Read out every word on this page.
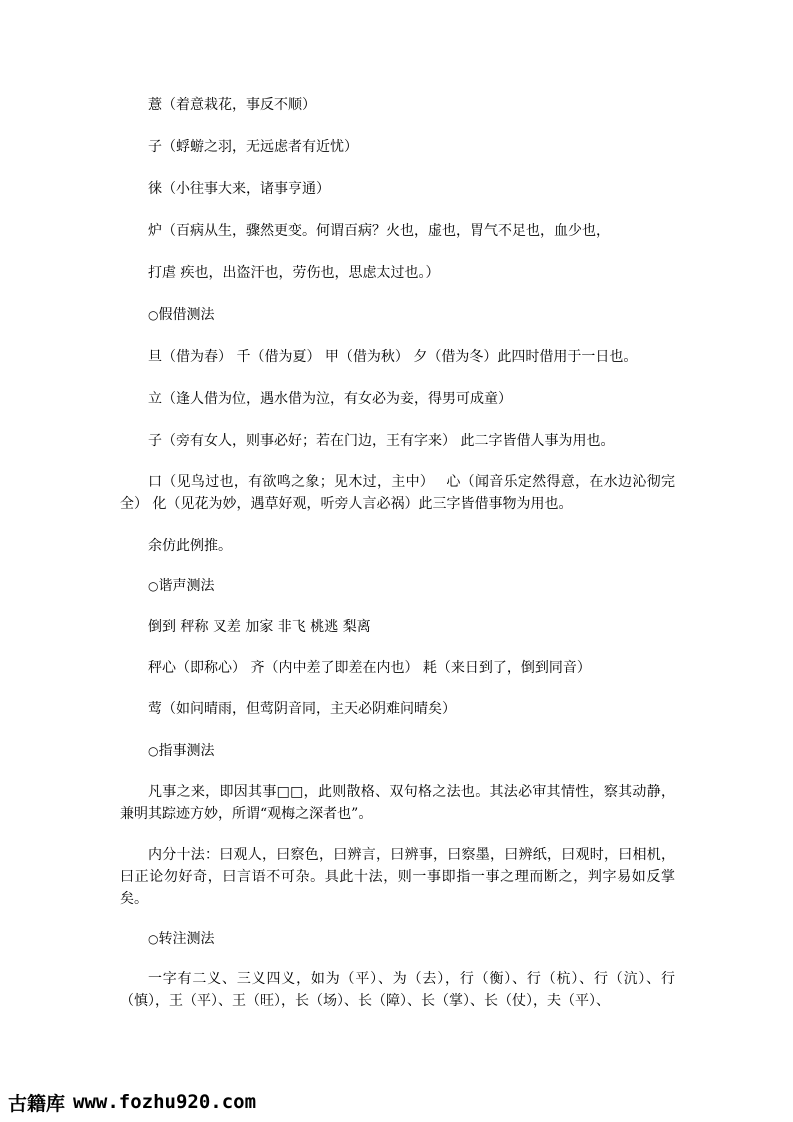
薏（着意栽花，事反不顺）

子（蜉蝣之羽，无远虑者有近忧）

徕（小往事大来，诸事亨通）

炉（百病从生，骤然更变。何谓百病？火也，虚也，胃气不足也，血少也，

打虐 疾也，出盗汗也，劳伤也，思虑太过也。）

○假借测法

旦（借为春） 千（借为夏） 甲（借为秋） 夕（借为冬）此四时借用于一日也。

立（逢人借为位，遇水借为泣，有女必为妾，得男可成童）

子（旁有女人，则事必好；若在门边，王有字来） 此二字皆借人事为用也。

口（见鸟过也，有欲鸣之象；见木过，主中）　 心（闻音乐定然得意，在水边沁彻完全） 化（见花为妙，遇草好观，听旁人言必祸）此三字皆借事物为用也。

余仿此例推。

○谐声测法

倒到 秤称 叉差 加家 非飞 桃逃 梨离

秤心（即称心） 齐（内中差了即差在内也） 耗（来日到了，倒到同音）

莺（如问晴雨，但莺阴音同，主天必阴难问晴矣）

○指事测法

凡事之来，即因其事□□，此则散格、双句格之法也。其法必审其情性，察其动静，兼明其踪迹方妙，所谓“观梅之深者也”。

内分十法：曰观人，曰察色，曰辨言，曰辨事，曰察墨，曰辨纸，曰观时，曰相机，曰正论勿好奇，曰言语不可杂。具此十法，则一事即指一事之理而断之，判字易如反掌矣。

○转注测法

一字有二义、三义四义，如为（平）、为（去），行（衡）、行（杭）、行（沆）、行（慎），王（平）、王（旺），长（场）、长（障）、长（掌）、长（仗），夫（平）、

古籍库 www.fozhu920.com
